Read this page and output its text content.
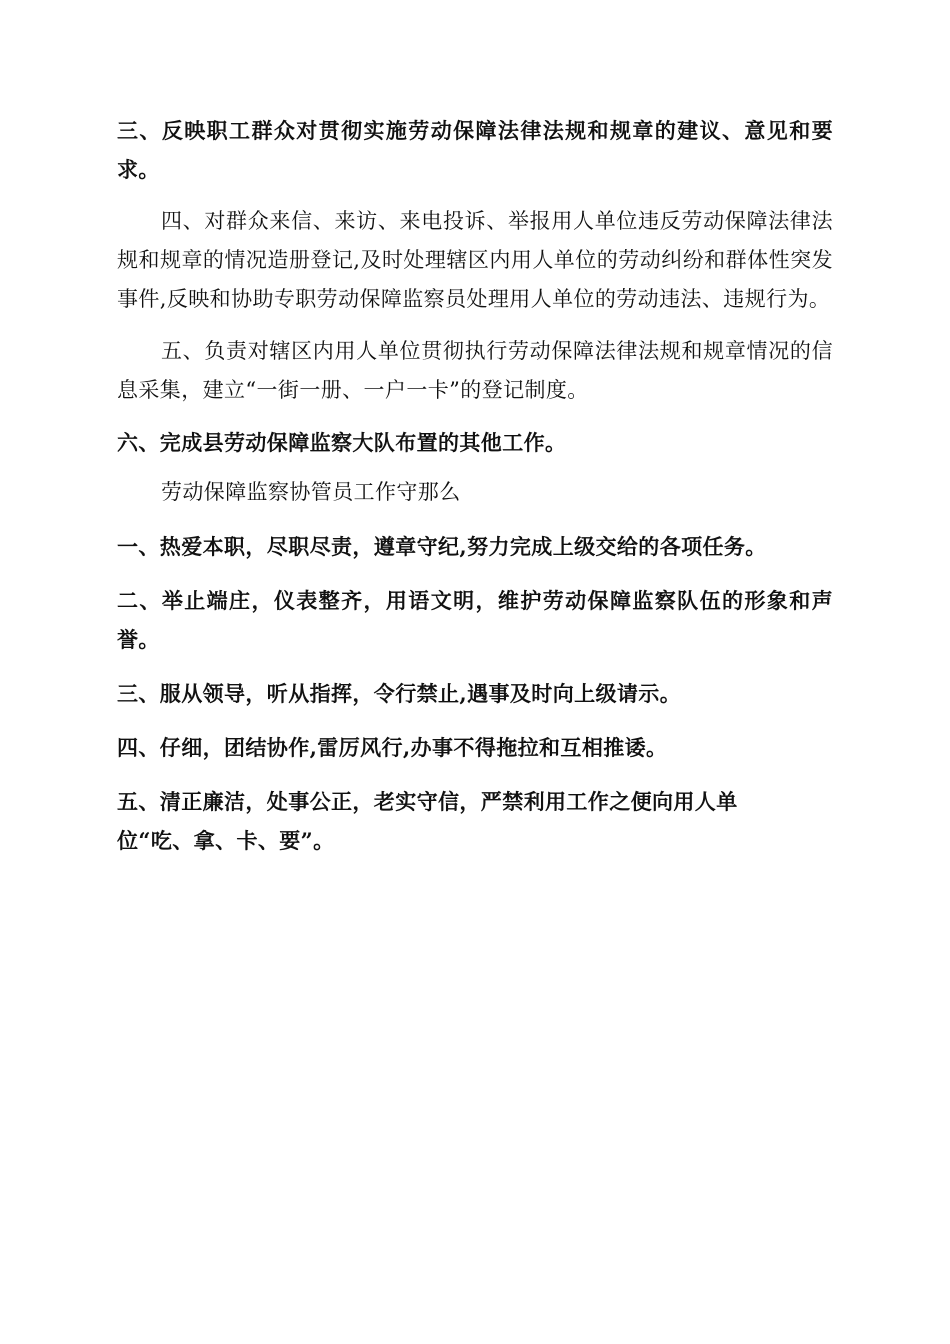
三、反映职工群众对贯彻实施劳动保障法律法规和规章的建议、意见和要求。

四、对群众来信、来访、来电投诉、举报用人单位违反劳动保障法律法规和规章的情况造册登记,及时处理辖区内用人单位的劳动纠纷和群体性突发事件,反映和协助专职劳动保障监察员处理用人单位的劳动违法、违规行为。

五、负责对辖区内用人单位贯彻执行劳动保障法律法规和规章情况的信息采集，建立“一街一册、一户一卡”的登记制度。

六、完成县劳动保障监察大队布置的其他工作。

劳动保障监察协管员工作守那么

一、热爱本职，尽职尽责，遵章守纪,努力完成上级交给的各项任务。

二、举止端庄，仪表整齐，用语文明，维护劳动保障监察队伍的形象和声誉。

三、服从领导，听从指挥，令行禁止,遇事及时向上级请示。

四、仔细，团结协作,雷厉风行,办事不得拖拉和互相推诿。

五、清正廉洁，处事公正，老实守信，严禁利用工作之便向用人单

位“吃、拿、卡、要”。
